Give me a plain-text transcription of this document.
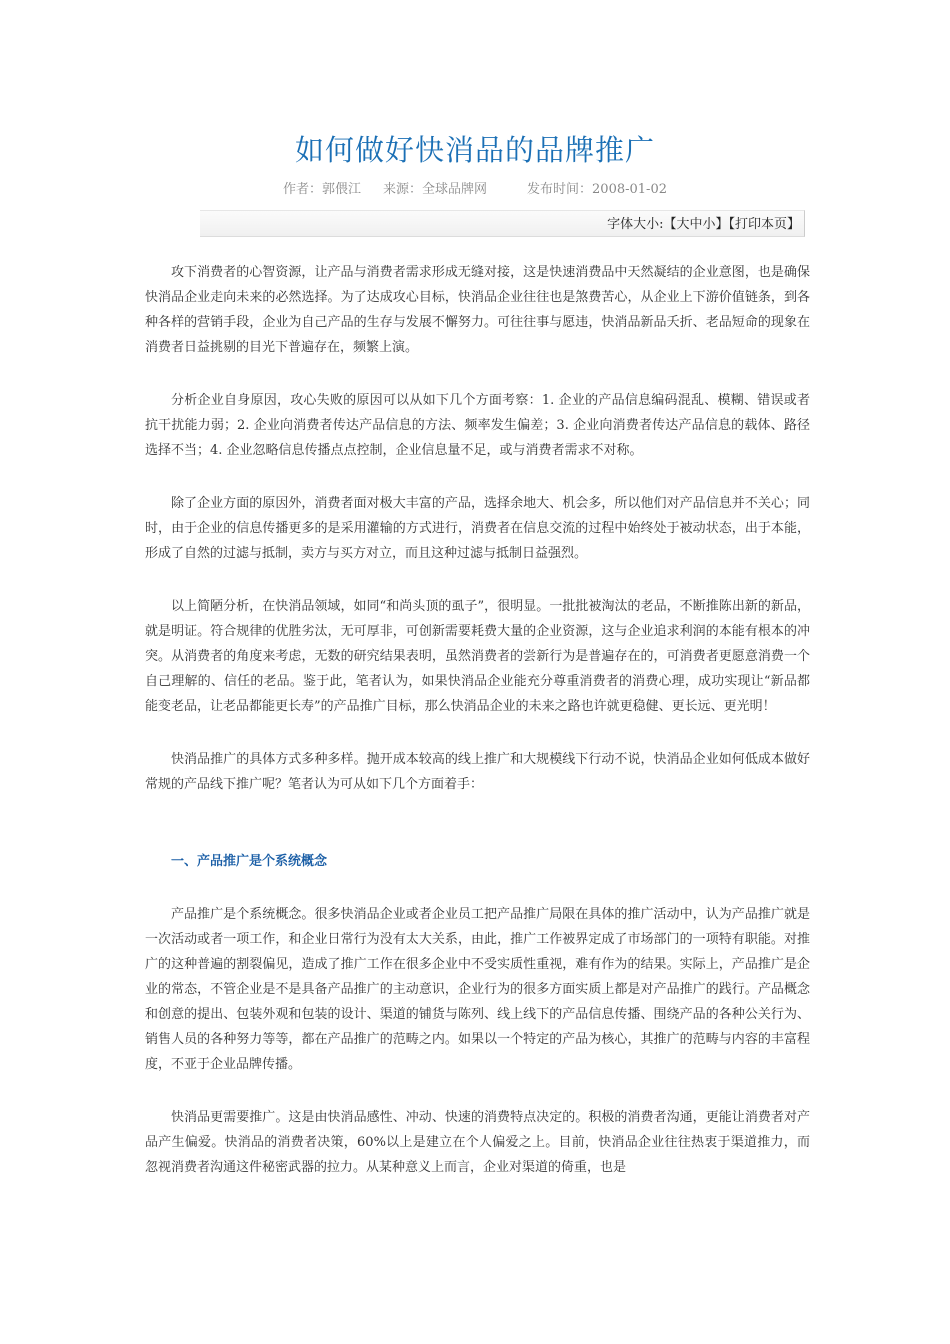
如何做好快消品的品牌推广
作者：郭偎江 来源：全球品牌网	发布时间：2008-01-02
字体大小:【大中小】【打印本页】

攻下消费者的心智资源，让产品与消费者需求形成无缝对接，这是快速消费品中天然凝结的企业意图，也是确保快消品企业走向未来的必然选择。为了达成攻心目标，快消品企业往往也是煞费苦心，从企业上下游价值链条，到各种各样的营销手段，企业为自己产品的生存与发展不懈努力。可往往事与愿违，快消品新品夭折、老品短命的现象在消费者日益挑剔的目光下普遍存在，频繁上演。

分析企业自身原因，攻心失败的原因可以从如下几个方面考察：1. 企业的产品信息编码混乱、模糊、错误或者抗干扰能力弱；2. 企业向消费者传达产品信息的方法、频率发生偏差；3. 企业向消费者传达产品信息的载体、路径选择不当；4. 企业忽略信息传播点点控制，企业信息量不足，或与消费者需求不对称。

除了企业方面的原因外，消费者面对极大丰富的产品，选择余地大、机会多，所以他们对产品信息并不关心；同时，由于企业的信息传播更多的是采用灌输的方式进行，消费者在信息交流的过程中始终处于被动状态，出于本能，形成了自然的过滤与抵制，卖方与买方对立，而且这种过滤与抵制日益强烈。

以上简陋分析，在快消品领域，如同“和尚头顶的虱子”，很明显。一批批被淘汰的老品，不断推陈出新的新品，就是明证。符合规律的优胜劣汰，无可厚非，可创新需要耗费大量的企业资源，这与企业追求利润的本能有根本的冲突。从消费者的角度来考虑，无数的研究结果表明，虽然消费者的尝新行为是普遍存在的，可消费者更愿意消费一个自己理解的、信任的老品。鉴于此，笔者认为，如果快消品企业能充分尊重消费者的消费心理，成功实现让“新品都能变老品，让老品都能更长寿”的产品推广目标，那么快消品企业的未来之路也许就更稳健、更长远、更光明！

快消品推广的具体方式多种多样。抛开成本较高的线上推广和大规模线下行动不说，快消品企业如何低成本做好常规的产品线下推广呢？笔者认为可从如下几个方面着手：

一、产品推广是个系统概念

产品推广是个系统概念。很多快消品企业或者企业员工把产品推广局限在具体的推广活动中，认为产品推广就是一次活动或者一项工作，和企业日常行为没有太大关系，由此，推广工作被界定成了市场部门的一项特有职能。对推广的这种普遍的割裂偏见，造成了推广工作在很多企业中不受实质性重视，难有作为的结果。实际上，产品推广是企业的常态，不管企业是不是具备产品推广的主动意识，企业行为的很多方面实质上都是对产品推广的践行。产品概念和创意的提出、包装外观和包装的设计、渠道的铺货与陈列、线上线下的产品信息传播、围绕产品的各种公关行为、销售人员的各种努力等等，都在产品推广的范畴之内。如果以一个特定的产品为核心，其推广的范畴与内容的丰富程度，不亚于企业品牌传播。

快消品更需要推广。这是由快消品感性、冲动、快速的消费特点决定的。积极的消费者沟通，更能让消费者对产品产生偏爱。快消品的消费者决策，60%以上是建立在个人偏爱之上。目前，快消品企业往往热衷于渠道推力，而忽视消费者沟通这件秘密武器的拉力。从某种意义上而言，企业对渠道的倚重，也是
